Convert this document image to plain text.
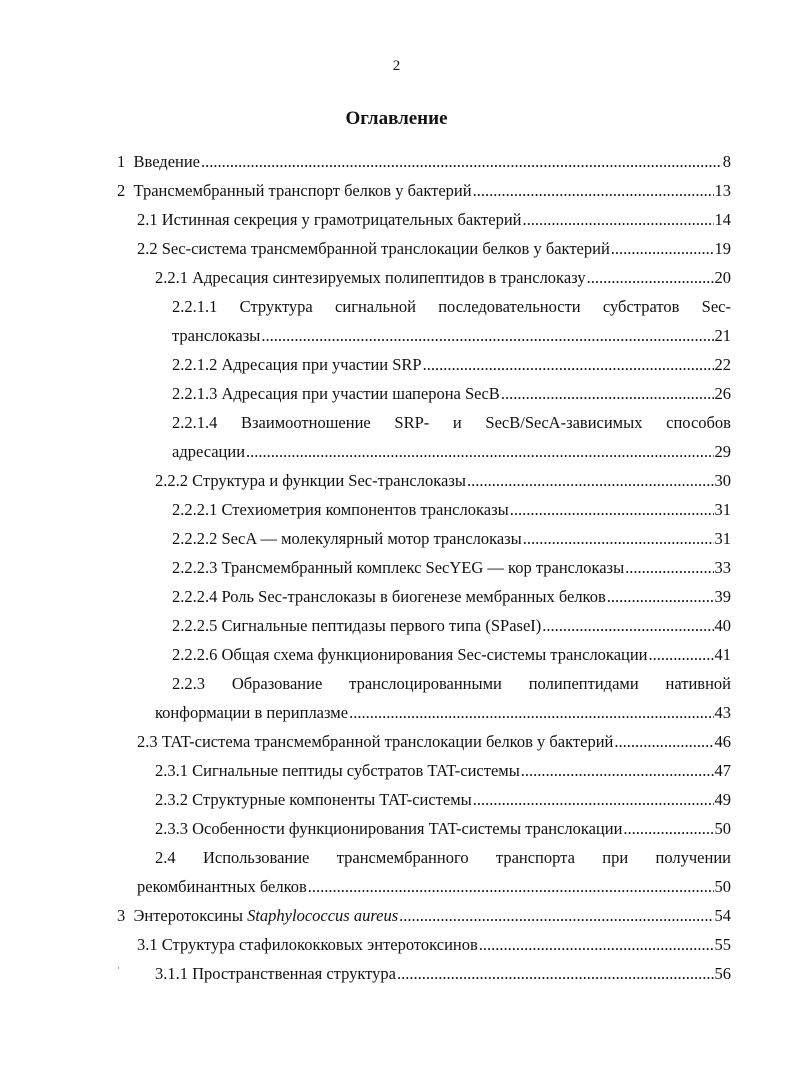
2
Оглавление
1 Введение .....	8
2 Трансмембранный транспорт белков у бактерий .....	13
2.1 Истинная секреция у грамотрицательных бактерий .....	14
2.2 Sec-система трансмембранной транслокации белков у бактерий .....	19
2.2.1 Адресация синтезируемых полипептидов в транслоказу .....	20
2.2.1.1 Структура сигнальной последовательности субстратов Sec-
транслоказы .....	21
2.2.1.2 Адресация при участии SRP .....	22
2.2.1.3 Адресация при участии шаперона SecB .....	26
2.2.1.4 Взаимоотношение SRP- и SecB/SecA-зависимых способов
адресации .....	29
2.2.2 Структура и функции Sec-транслоказы .....	30
2.2.2.1 Стехиометрия компонентов транслоказы .....	31
2.2.2.2 SecA — молекулярный мотор транслоказы .....	31
2.2.2.3 Трансмембранный комплекс SecYEG — кор транслоказы .....	33
2.2.2.4 Роль Sec-транслоказы в биогенезе мембранных белков .....	39
2.2.2.5 Сигнальные пептидазы первого типа (SPaseI) .....	40
2.2.2.6 Общая схема функционирования Sec-системы транслокации .....	41
2.2.3 Образование транслоцированными полипептидами нативной
конформации в периплазме .....	43
2.3 TAT-система трансмембранной транслокации белков у бактерий .....	46
2.3.1 Сигнальные пептиды субстратов TAT-системы .....	47
2.3.2 Структурные компоненты TAT-системы .....	49
2.3.3 Особенности функционирования TAT-системы транслокации .....	50
2.4 Использование трансмембранного транспорта при получении
рекомбинантных белков .....	50
3 Энтеротоксины Staphylococcus aureus .....	54
3.1 Структура стафилококковых энтеротоксинов .....	55
3.1.1 Пространственная структура .....	56
·
